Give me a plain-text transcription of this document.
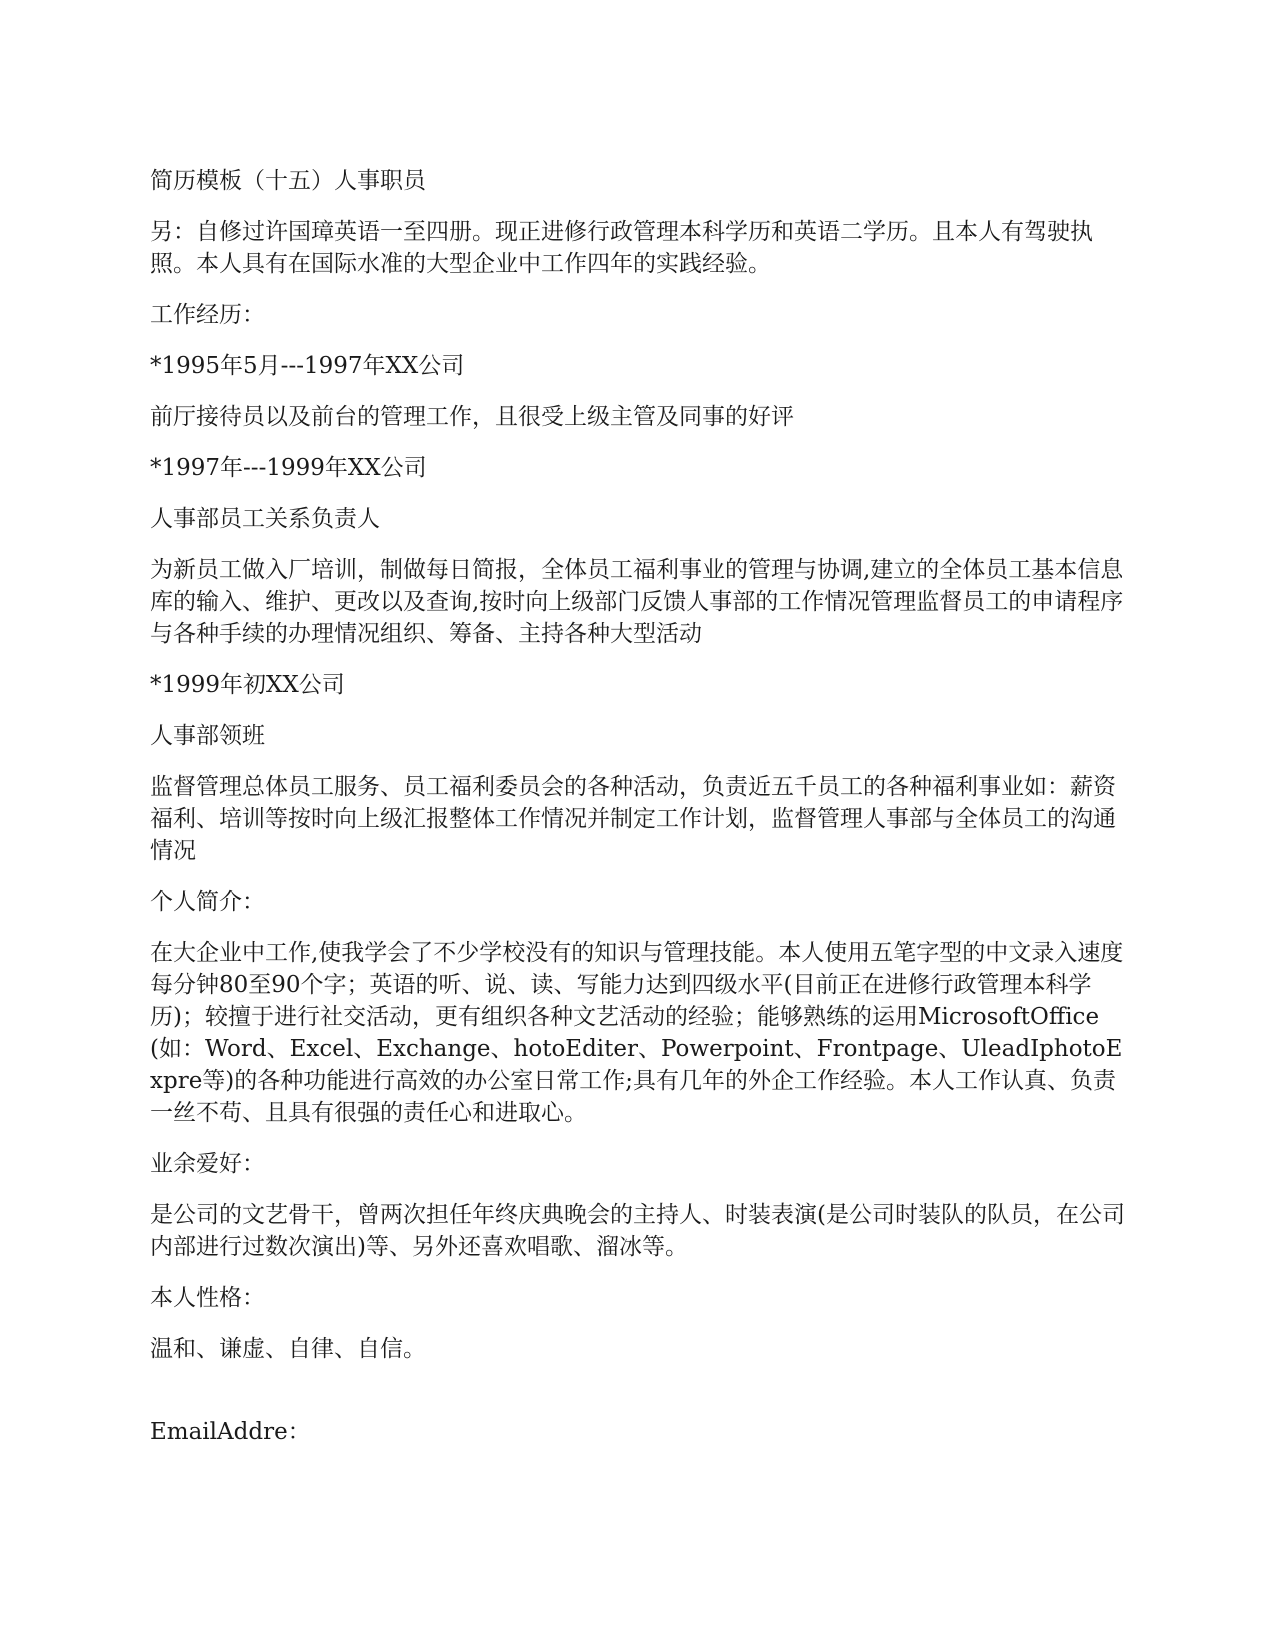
简历模板（十五）人事职员

另：自修过许国璋英语一至四册。现正进修行政管理本科学历和英语二学历。且本人有驾驶执照。本人具有在国际水准的大型企业中工作四年的实践经验。

工作经历：

*1995年5月---1997年XX公司

前厅接待员以及前台的管理工作，且很受上级主管及同事的好评

*1997年---1999年XX公司

人事部员工关系负责人

为新员工做入厂培训，制做每日简报，全体员工福利事业的管理与协调,建立的全体员工基本信息库的输入、维护、更改以及查询,按时向上级部门反馈人事部的工作情况管理监督员工的申请程序与各种手续的办理情况组织、筹备、主持各种大型活动

*1999年初XX公司

人事部领班

监督管理总体员工服务、员工福利委员会的各种活动，负责近五千员工的各种福利事业如：薪资福利、培训等按时向上级汇报整体工作情况并制定工作计划，监督管理人事部与全体员工的沟通情况

个人简介：

在大企业中工作,使我学会了不少学校没有的知识与管理技能。本人使用五笔字型的中文录入速度每分钟80至90个字；英语的听、说、读、写能力达到四级水平(目前正在进修行政管理本科学历)；较擅于进行社交活动，更有组织各种文艺活动的经验；能够熟练的运用MicrosoftOffice(如：Word、Excel、Exchange、hotoEditer、Powerpoint、Frontpage、UleadIphotoExpre等)的各种功能进行高效的办公室日常工作;具有几年的外企工作经验。本人工作认真、负责一丝不苟、且具有很强的责任心和进取心。

业余爱好：

是公司的文艺骨干，曾两次担任年终庆典晚会的主持人、时装表演(是公司时装队的队员，在公司内部进行过数次演出)等、另外还喜欢唱歌、溜冰等。

本人性格：

温和、谦虚、自律、自信。

EmailAddre：
